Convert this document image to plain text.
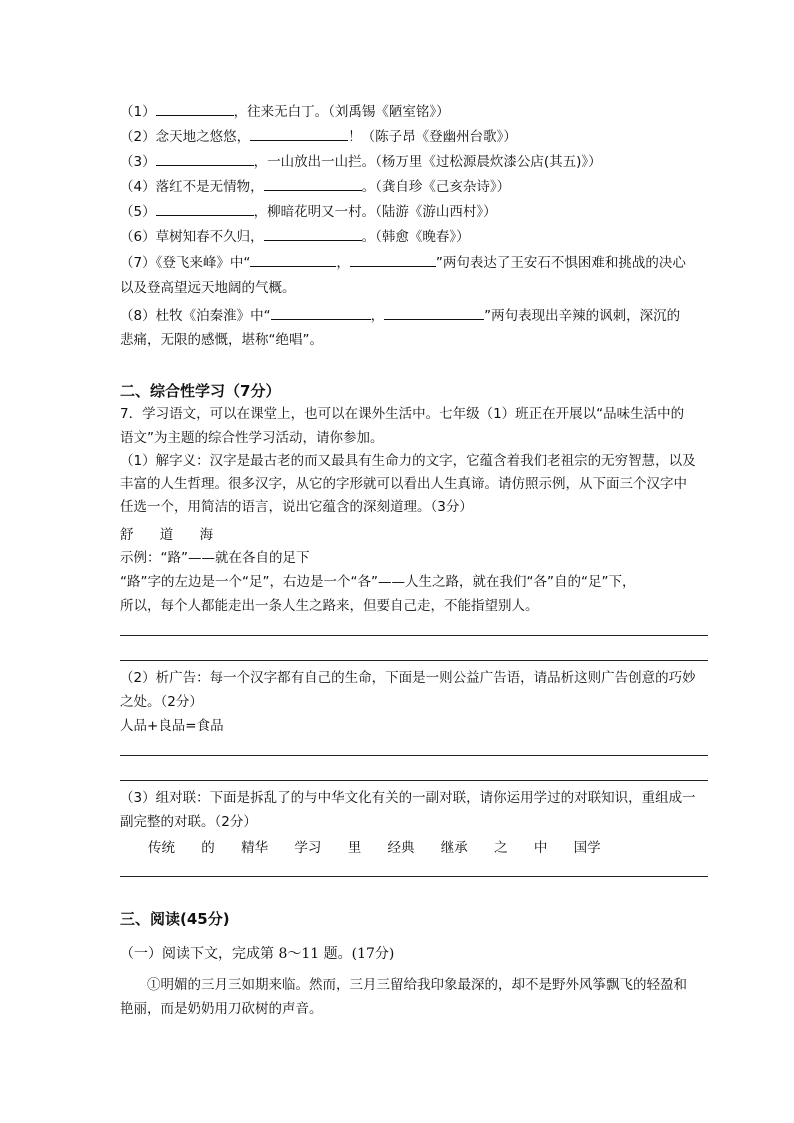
（1）	，往来无白丁。（刘禹锡《陋室铭》）
（2）念天地之悠悠，	！（陈子昂《登幽州台歌》）
（3）	，一山放出一山拦。（杨万里《过松源晨炊漆公店(其五)》）
（4）落红不是无情物，	。（龚自珍《己亥杂诗》）
（5）	，柳暗花明又一村。（陆游《游山西村》）
（6）草树知春不久归，	。（韩愈《晚春》）
（7）《登飞来峰》中“	，	”两句表达了王安石不惧困难和挑战的决心
以及登高望远天地阔的气概。
（8）杜牧《泊秦淮》中“	，	”两句表现出辛辣的讽刺，深沉的
悲痛，无限的感慨，堪称“绝唱”。
二、综合性学习（7分）
7．学习语文，可以在课堂上，也可以在课外生活中。七年级（1）班正在开展以“品味生活中的
语文”为主题的综合性学习活动，请你参加。
（1）解字义：汉字是最古老的而又最具有生命力的文字，它蕴含着我们老祖宗的无穷智慧，以及
丰富的人生哲理。很多汉字，从它的字形就可以看出人生真谛。请仿照示例，从下面三个汉字中
任选一个，用简洁的语言，说出它蕴含的深刻道理。（3分）
舒 道 海
示例：“路”——就在各自的足下
“路”字的左边是一个“足”，右边是一个“各”——人生之路，就在我们“各”自的“足”下，
所以，每个人都能走出一条人生之路来，但要自己走，不能指望别人。
（2）析广告：每一个汉字都有自己的生命，下面是一则公益广告语，请品析这则广告创意的巧妙
之处。（2分）
人品+良品=食品
（3）组对联：下面是拆乱了的与中华文化有关的一副对联，请你运用学过的对联知识，重组成一
副完整的对联。（2分）
传统 的 精华 学习 里 经典 继承 之 中 国学
三、阅读(45分)
（一）阅读下文，完成第 8～11 题。(17分)
①明媚的三月三如期来临。然而，三月三留给我印象最深的，却不是野外风筝飘飞的轻盈和
艳丽，而是奶奶用刀砍树的声音。
